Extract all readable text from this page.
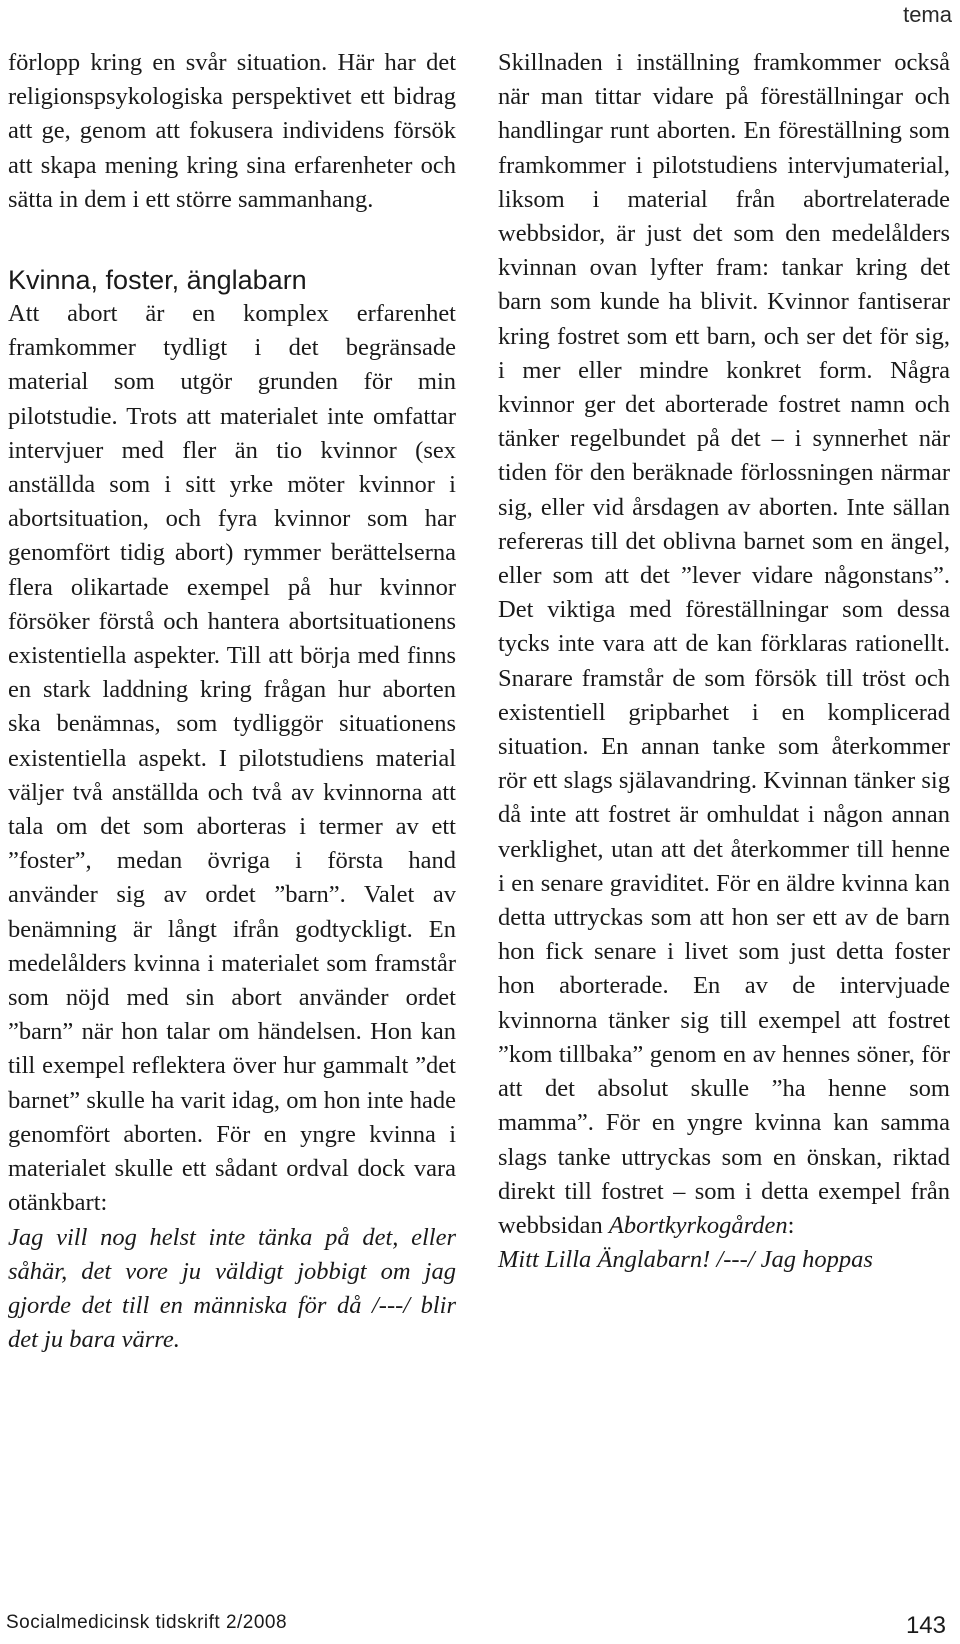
tema

förlopp kring en svår situation. Här har det religionspsykologiska perspektivet ett bidrag att ge, genom att fokusera individens försök att skapa mening kring sina erfarenheter och sätta in dem i ett större sammanhang.

Kvinna, foster, änglabarn

Att abort är en komplex erfarenhet framkommer tydligt i det begränsade material som utgör grunden för min pilotstudie. Trots att materialet inte omfattar intervjuer med fler än tio kvinnor (sex anställda som i sitt yrke möter kvinnor i abortsituation, och fyra kvinnor som har genomfört tidig abort) rymmer berättelserna flera olikartade exempel på hur kvinnor försöker förstå och hantera abortsituationens existentiella aspekter. Till att börja med finns en stark laddning kring frågan hur aborten ska benämnas, som tydliggör situationens existentiella aspekt. I pilotstudiens material väljer två anställda och två av kvinnorna att tala om det som aborteras i termer av ett ”foster”, medan övriga i första hand använder sig av ordet ”barn”. Valet av benämning är långt ifrån godtyckligt. En medelålders kvinna i materialet som framstår som nöjd med sin abort använder ordet ”barn” när hon talar om händelsen. Hon kan till exempel reflektera över hur gammalt ”det barnet” skulle ha varit idag, om hon inte hade genomfört aborten. För en yngre kvinna i materialet skulle ett sådant ordval dock vara otänkbart:

Jag vill nog helst inte tänka på det, eller såhär, det vore ju väldigt jobbigt om jag gjorde det till en människa för då /---/ blir det ju bara värre.

Skillnaden i inställning framkommer också när man tittar vidare på föreställningar och handlingar runt aborten. En föreställning som framkommer i pilotstudiens intervjumaterial, liksom i material från abortrelaterade webbsidor, är just det som den medelålders kvinnan ovan lyfter fram: tankar kring det barn som kunde ha blivit. Kvinnor fantiserar kring fostret som ett barn, och ser det för sig, i mer eller mindre konkret form. Några kvinnor ger det aborterade fostret namn och tänker regelbundet på det – i synnerhet när tiden för den beräknade förlossningen närmar sig, eller vid årsdagen av aborten. Inte sällan refereras till det oblivna barnet som en ängel, eller som att det ”lever vidare någonstans”. Det viktiga med föreställningar som dessa tycks inte vara att de kan förklaras rationellt. Snarare framstår de som försök till tröst och existentiell gripbarhet i en komplicerad situation. En annan tanke som återkommer rör ett slags själavandring. Kvinnan tänker sig då inte att fostret är omhuldat i någon annan verklighet, utan att det återkommer till henne i en senare graviditet. För en äldre kvinna kan detta uttryckas som att hon ser ett av de barn hon fick senare i livet som just detta foster hon aborterade. En av de intervjuade kvinnorna tänker sig till exempel att fostret ”kom tillbaka” genom en av hennes söner, för att det absolut skulle ”ha henne som mamma”. För en yngre kvinna kan samma slags tanke uttryckas som en önskan, riktad direkt till fostret – som i detta exempel från webbsidan Abortkyrkogården:

Mitt Lilla Änglabarn! /---/ Jag hoppas

Socialmedicinsk tidskrift 2/2008	143
